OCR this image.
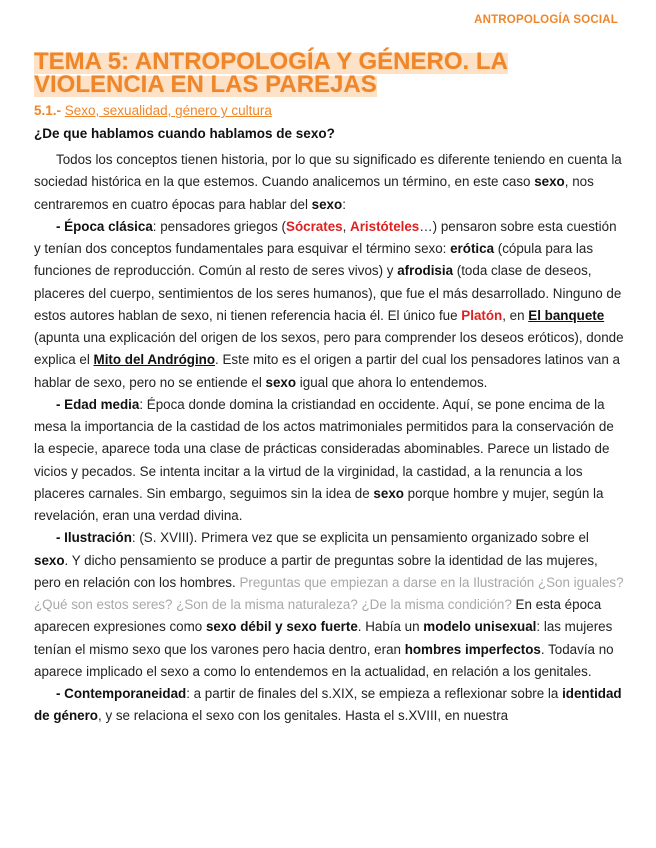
ANTROPOLOGÍA SOCIAL
TEMA 5: ANTROPOLOGÍA Y GÉNERO. LA VIOLENCIA EN LAS PAREJAS
5.1.- Sexo, sexualidad, género y cultura
¿De que hablamos cuando hablamos de sexo?

Todos los conceptos tienen historia, por lo que su significado es diferente teniendo en cuenta la sociedad histórica en la que estemos. Cuando analicemos un término, en este caso sexo, nos centraremos en cuatro épocas para hablar del sexo:

- Época clásica: pensadores griegos (Sócrates, Aristóteles…) pensaron sobre esta cuestión y tenían dos conceptos fundamentales para esquivar el término sexo: erótica (cópula para las funciones de reproducción. Común al resto de seres vivos) y afrodisia (toda clase de deseos, placeres del cuerpo, sentimientos de los seres humanos), que fue el más desarrollado. Ninguno de estos autores hablan de sexo, ni tienen referencia hacia él. El único fue Platón, en El banquete (apunta una explicación del origen de los sexos, pero para comprender los deseos eróticos), donde explica el Mito del Andrógino. Este mito es el origen a partir del cual los pensadores latinos van a hablar de sexo, pero no se entiende el sexo igual que ahora lo entendemos.

- Edad media: Época donde domina la cristiandad en occidente. Aquí, se pone encima de la mesa la importancia de la castidad de los actos matrimoniales permitidos para la conservación de la especie, aparece toda una clase de prácticas consideradas abominables. Parece un listado de vicios y pecados. Se intenta incitar a la virtud de la virginidad, la castidad, a la renuncia a los placeres carnales. Sin embargo, seguimos sin la idea de sexo porque hombre y mujer, según la revelación, eran una verdad divina.

- Ilustración: (S. XVIII). Primera vez que se explicita un pensamiento organizado sobre el sexo. Y dicho pensamiento se produce a partir de preguntas sobre la identidad de las mujeres, pero en relación con los hombres. Preguntas que empiezan a darse en la Ilustración ¿Son iguales? ¿Qué son estos seres? ¿Son de la misma naturaleza? ¿De la misma condición? En esta época aparecen expresiones como sexo débil y sexo fuerte. Había un modelo unisexual: las mujeres tenían el mismo sexo que los varones pero hacia dentro, eran hombres imperfectos. Todavía no aparece implicado el sexo a como lo entendemos en la actualidad, en relación a los genitales.

- Contemporaneidad: a partir de finales del s.XIX, se empieza a reflexionar sobre la identidad de género, y se relaciona el sexo con los genitales. Hasta el s.XVIII, en nuestra
